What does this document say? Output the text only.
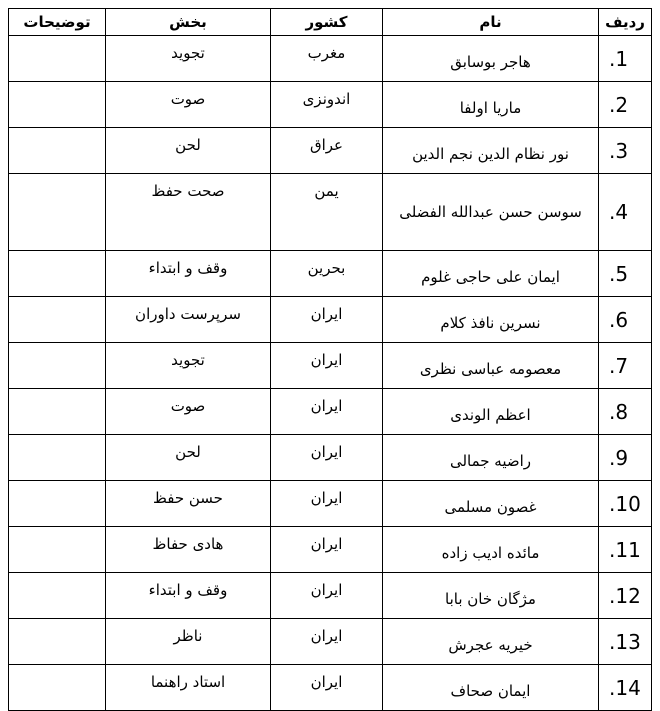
ردیف	نام	کشور	بخش	توضیحات
.1	هاجر بوسابق	مغرب	تجوید	
.2	ماریا اولفا	اندونزی	صوت	
.3	نور نظام الدین نجم الدین	عراق	لحن	
.4	سوسن حسن عبدالله الفضلی	یمن	صحت حفظ	
.5	ایمان علی حاجی غلوم	بحرین	وقف و ابتداء	
.6	نسرین نافذ کلام	ایران	سرپرست داوران	
.7	معصومه عباسی نظری	ایران	تجوید	
.8	اعظم الوندی	ایران	صوت	
.9	راضیه جمالی	ایران	لحن	
.10	غصون مسلمی	ایران	حسن حفظ	
.11	مائده ادیب زاده	ایران	هادی حفاظ	
.12	مژگان خان بابا	ایران	وقف و ابتداء	
.13	خیریه عجرش	ایران	ناظر	
.14	ایمان صحاف	ایران	استاد راهنما	
